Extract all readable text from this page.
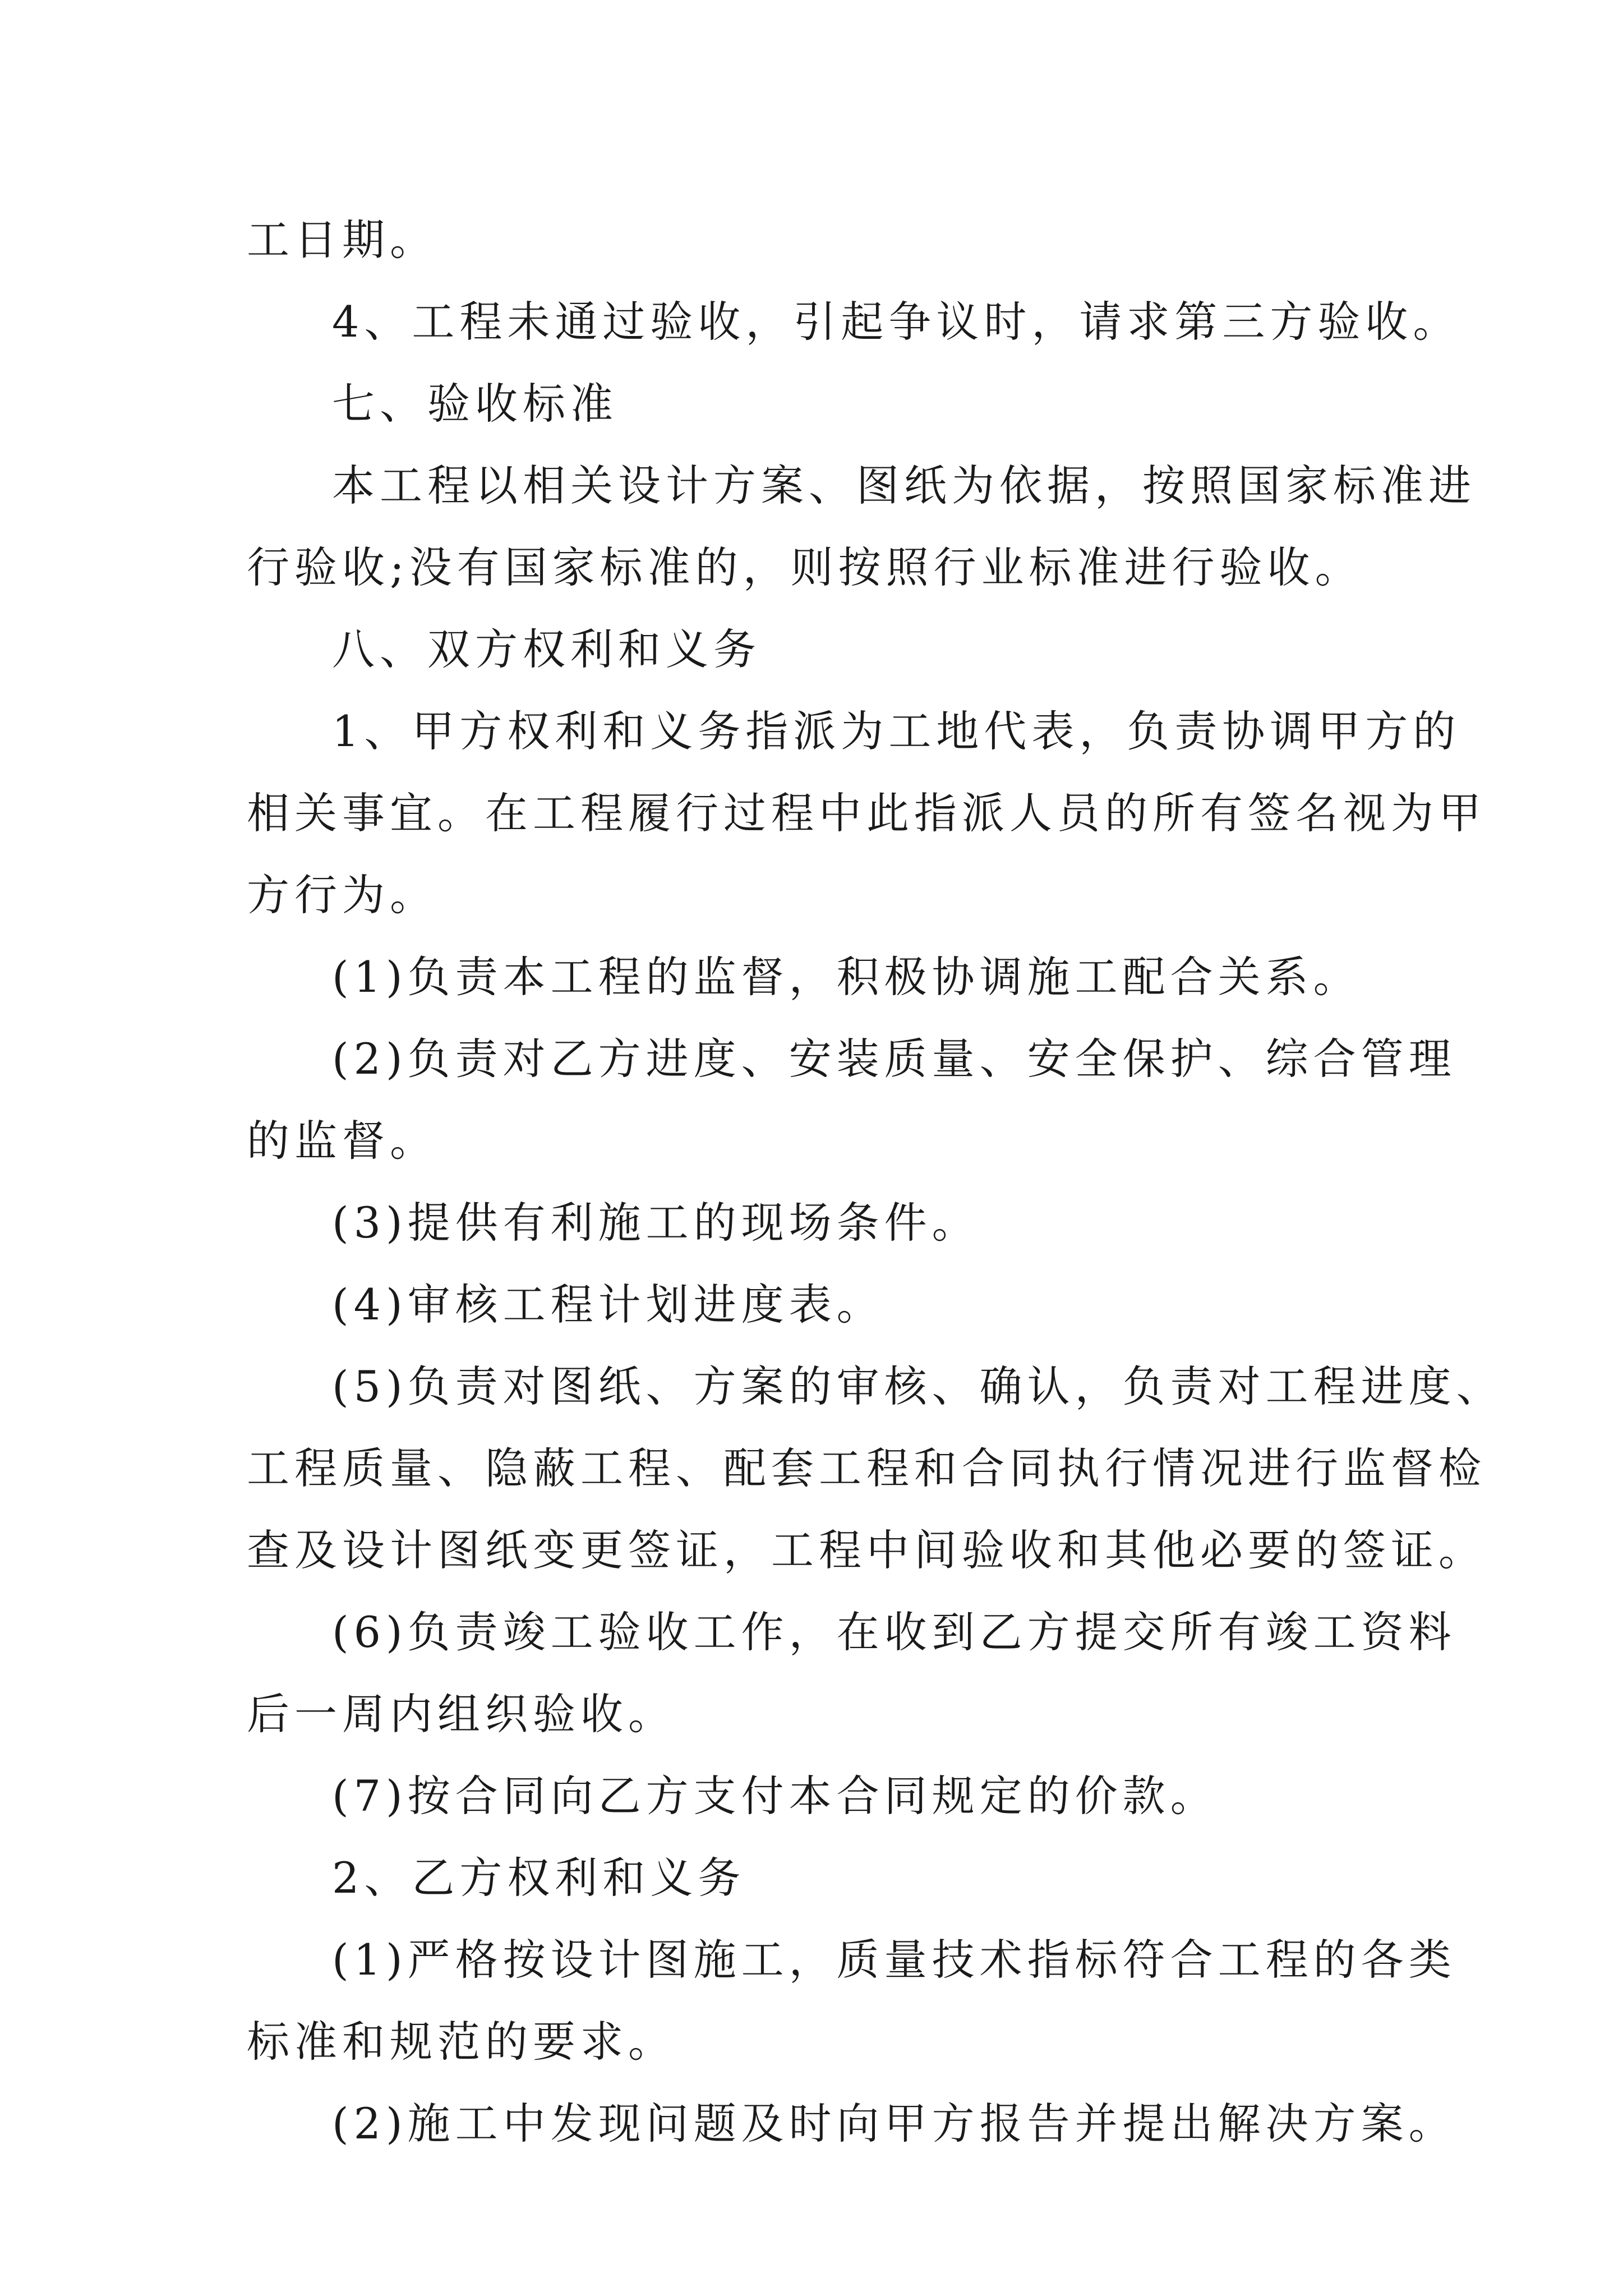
工日期。
4、工程未通过验收，引起争议时，请求第三方验收。
七、验收标准
本工程以相关设计方案、图纸为依据，按照国家标准进
行验收;没有国家标准的，则按照行业标准进行验收。
八、双方权利和义务
1、甲方权利和义务指派为工地代表，负责协调甲方的
相关事宜。在工程履行过程中此指派人员的所有签名视为甲
方行为。
(1)负责本工程的监督，积极协调施工配合关系。
(2)负责对乙方进度、安装质量、安全保护、综合管理
的监督。
(3)提供有利施工的现场条件。
(4)审核工程计划进度表。
(5)负责对图纸、方案的审核、确认，负责对工程进度、
工程质量、隐蔽工程、配套工程和合同执行情况进行监督检
查及设计图纸变更签证，工程中间验收和其他必要的签证。
(6)负责竣工验收工作，在收到乙方提交所有竣工资料
后一周内组织验收。
(7)按合同向乙方支付本合同规定的价款。
2、乙方权利和义务
(1)严格按设计图施工，质量技术指标符合工程的各类
标准和规范的要求。
(2)施工中发现问题及时向甲方报告并提出解决方案。
